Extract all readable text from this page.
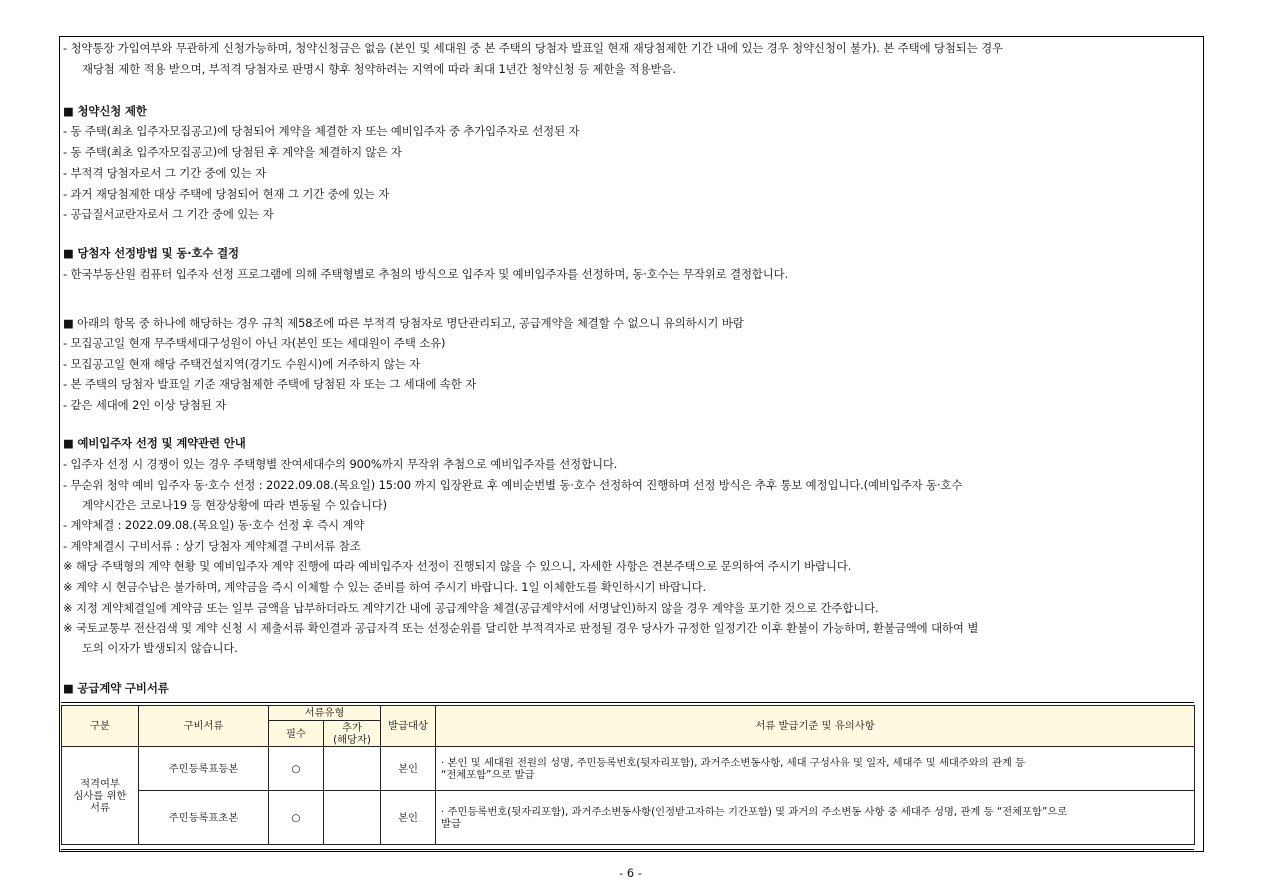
- 청약통장 가입여부와 무관하게 신청가능하며, 청약신청금은 없음 (본인 및 세대원 중 본 주택의 당첨자 발표일 현재 재당첨제한 기간 내에 있는 경우 청약신청이 불가). 본 주택에 당첨되는 경우
재당첨 제한 적용 받으며, 부적격 당첨자로 판명시 향후 청약하려는 지역에 따라 최대 1년간 청약신청 등 제한을 적용받음.
■ 청약신청 제한
- 동 주택(최초 입주자모집공고)에 당첨되어 계약을 체결한 자 또는 예비입주자 중 추가입주자로 선정된 자
- 동 주택(최초 입주자모집공고)에 당첨된 후 계약을 체결하지 않은 자
- 부적격 당첨자로서 그 기간 중에 있는 자
- 과거 재당첨제한 대상 주택에 당첨되어 현재 그 기간 중에 있는 자
- 공급질서교란자로서 그 기간 중에 있는 자
■ 당첨자 선정방법 및 동·호수 결정
- 한국부동산원 컴퓨터 입주자 선정 프로그램에 의해 주택형별로 추첨의 방식으로 입주자 및 예비입주자를 선정하며, 동·호수는 무작위로 결정합니다.
■ 아래의 항목 중 하나에 해당하는 경우 규칙 제58조에 따른 부적격 당첨자로 명단관리되고, 공급계약을 체결할 수 없으니 유의하시기 바람
- 모집공고일 현재 무주택세대구성원이 아닌 자(본인 또는 세대원이 주택 소유)
- 모집공고일 현재 해당 주택건설지역(경기도 수원시)에 거주하지 않는 자
- 본 주택의 당첨자 발표일 기준 재당첨제한 주택에 당첨된 자 또는 그 세대에 속한 자
- 같은 세대에 2인 이상 당첨된 자
■ 예비입주자 선정 및 계약관련 안내
- 입주자 선정 시 경쟁이 있는 경우 주택형별 잔여세대수의 900%까지 무작위 추첨으로 예비입주자를 선정합니다.
- 무순위 청약 예비 입주자 동·호수 선정 : 2022.09.08.(목요일) 15:00 까지 입장완료 후 예비순번별 동·호수 선정하여 진행하며 선정 방식은 추후 통보 예정입니다.(예비입주자 동·호수
계약시간은 코로나19 등 현장상황에 따라 변동될 수 있습니다)
- 계약체결 : 2022.09.08.(목요일) 동·호수 선정 후 즉시 계약
- 계약체결시 구비서류 : 상기 당첨자 계약체결 구비서류 참조
※ 해당 주택형의 계약 현황 및 예비입주자 계약 진행에 따라 예비입주자 선정이 진행되지 않을 수 있으니, 자세한 사항은 견본주택으로 문의하여 주시기 바랍니다.
※ 계약 시 현금수납은 불가하며, 계약금을 즉시 이체할 수 있는 준비를 하여 주시기 바랍니다. 1일 이체한도를 확인하시기 바랍니다.
※ 지정 계약체결일에 계약금 또는 일부 금액을 납부하더라도 계약기간 내에 공급계약을 체결(공급계약서에 서명날인)하지 않을 경우 계약을 포기한 것으로 간주합니다.
※ 국토교통부 전산검색 및 계약 신청 시 제출서류 확인결과 공급자격 또는 선정순위를 달리한 부적격자로 판정될 경우 당사가 규정한 일정기간 이후 환불이 가능하며, 환불금액에 대하여 별
도의 이자가 발생되지 않습니다.
■ 공급계약 구비서류
구분	구비서류	서류유형		발급대상	서류 발급기준 및 유의사항
		필수	추가
(해당자)		
적격여부
심사를 위한
서류	주민등록표등본	○		본인	· 본인 및 세대원 전원의 성명, 주민등록번호(뒷자리포함), 과거주소변동사항, 세대 구성사유 및 일자, 세대주 및 세대주와의 관계 등
“전체포함”으로 발급
	주민등록표초본	○		본인	· 주민등록번호(뒷자리포함), 과거주소변동사항(인정받고자하는 기간포함) 및 과거의 주소변동 사항 중 세대주 성명, 관계 등 “전체포함”으로
발급
- 6 -
